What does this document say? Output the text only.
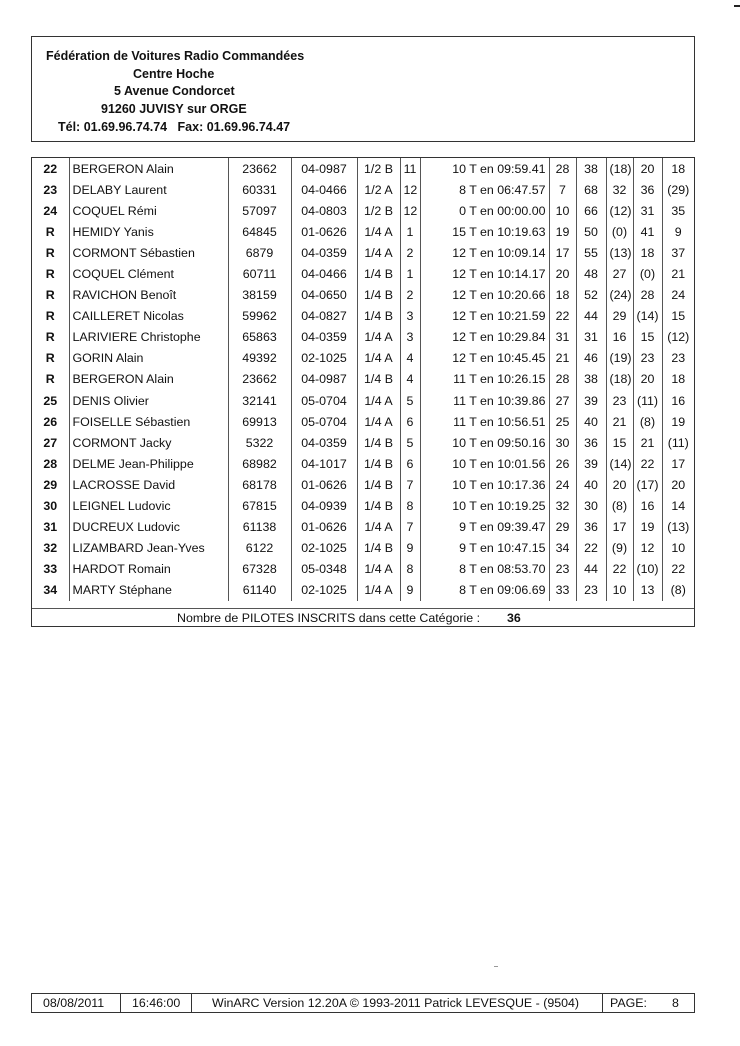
Fédération de Voitures Radio Commandées
Centre Hoche
5 Avenue Condorcet
91260 JUVISY sur ORGE
Tél: 01.69.96.74.74   Fax: 01.69.96.74.47
22	BERGERON Alain	23662	04-0987	1/2 B	11	10 T en 09:59.41	28	38	(18)	20	18
23	DELABY Laurent	60331	04-0466	1/2 A	12	8 T en 06:47.57	7	68	32	36	(29)
24	COQUEL Rémi	57097	04-0803	1/2 B	12	0 T en 00:00.00	10	66	(12)	31	35
R	HEMIDY Yanis	64845	01-0626	1/4 A	1	15 T en 10:19.63	19	50	(0)	41	9
R	CORMONT Sébastien	6879	04-0359	1/4 A	2	12 T en 10:09.14	17	55	(13)	18	37
R	COQUEL Clément	60711	04-0466	1/4 B	1	12 T en 10:14.17	20	48	27	(0)	21
R	RAVICHON Benoît	38159	04-0650	1/4 B	2	12 T en 10:20.66	18	52	(24)	28	24
R	CAILLERET Nicolas	59962	04-0827	1/4 B	3	12 T en 10:21.59	22	44	29	(14)	15
R	LARIVIERE Christophe	65863	04-0359	1/4 A	3	12 T en 10:29.84	31	31	16	15	(12)
R	GORIN Alain	49392	02-1025	1/4 A	4	12 T en 10:45.45	21	46	(19)	23	23
R	BERGERON Alain	23662	04-0987	1/4 B	4	11 T en 10:26.15	28	38	(18)	20	18
25	DENIS Olivier	32141	05-0704	1/4 A	5	11 T en 10:39.86	27	39	23	(11)	16
26	FOISELLE Sébastien	69913	05-0704	1/4 A	6	11 T en 10:56.51	25	40	21	(8)	19
27	CORMONT Jacky	5322	04-0359	1/4 B	5	10 T en 09:50.16	30	36	15	21	(11)
28	DELME Jean-Philippe	68982	04-1017	1/4 B	6	10 T en 10:01.56	26	39	(14)	22	17
29	LACROSSE David	68178	01-0626	1/4 B	7	10 T en 10:17.36	24	40	20	(17)	20
30	LEIGNEL Ludovic	67815	04-0939	1/4 B	8	10 T en 10:19.25	32	30	(8)	16	14
31	DUCREUX Ludovic	61138	01-0626	1/4 A	7	9 T en 09:39.47	29	36	17	19	(13)
32	LIZAMBARD Jean-Yves	6122	02-1025	1/4 B	9	9 T en 10:47.15	34	22	(9)	12	10
33	HARDOT Romain	67328	05-0348	1/4 A	8	8 T en 08:53.70	23	44	22	(10)	22
34	MARTY Stéphane	61140	02-1025	1/4 A	9	8 T en 09:06.69	33	23	10	13	(8)
Nombre de PILOTES INSCRITS dans cette Catégorie : 36
08/08/2011 16:46:00	WinARC Version 12.20A © 1993-2011 Patrick LEVESQUE - (9504) PAGE: 8
